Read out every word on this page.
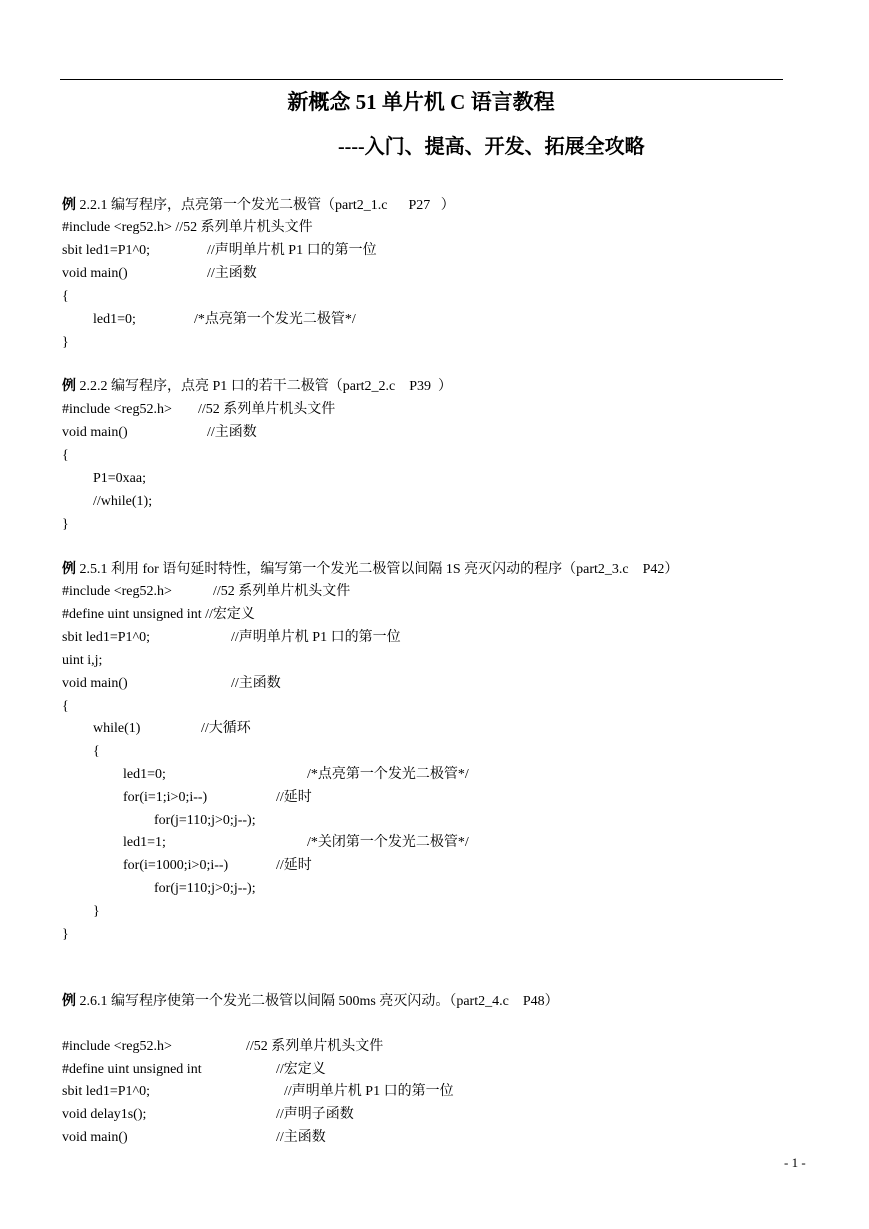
新概念 51 单片机 C 语言教程
----入门、提高、开发、拓展全攻略
例 2.2.1 编写程序，点亮第一个发光二极管（part2_1.c      P27   ）
#include <reg52.h> //52 系列单片机头文件
sbit led1=P1^0;	//声明单片机 P1 口的第一位
void main()	//主函数
{
led1=0;	/*点亮第一个发光二极管*/
}
例 2.2.2 编写程序，点亮 P1 口的若干二极管（part2_2.c    P39  ）
#include <reg52.h> //52 系列单片机头文件
void main()	//主函数
{
P1=0xaa;
//while(1);
}
例 2.5.1 利用 for 语句延时特性，编写第一个发光二极管以间隔 1S 亮灭闪动的程序（part2_3.c    P42）
#include <reg52.h>	//52 系列单片机头文件
#define uint unsigned int //宏定义
sbit led1=P1^0;	//声明单片机 P1 口的第一位
uint i,j;
void main()	//主函数
{
while(1)	//大循环
{
led1=0;	/*点亮第一个发光二极管*/
for(i=1;i>0;i--)	//延时
for(j=110;j>0;j--);
led1=1;	/*关闭第一个发光二极管*/
for(i=1000;i>0;i--)	//延时
for(j=110;j>0;j--);
}
}
例 2.6.1 编写程序使第一个发光二极管以间隔 500ms 亮灭闪动。（part2_4.c    P48）
#include <reg52.h>	//52 系列单片机头文件
#define uint unsigned int	//宏定义
sbit led1=P1^0;	//声明单片机 P1 口的第一位
void delay1s();	//声明子函数
void main()	//主函数
- 1 -
